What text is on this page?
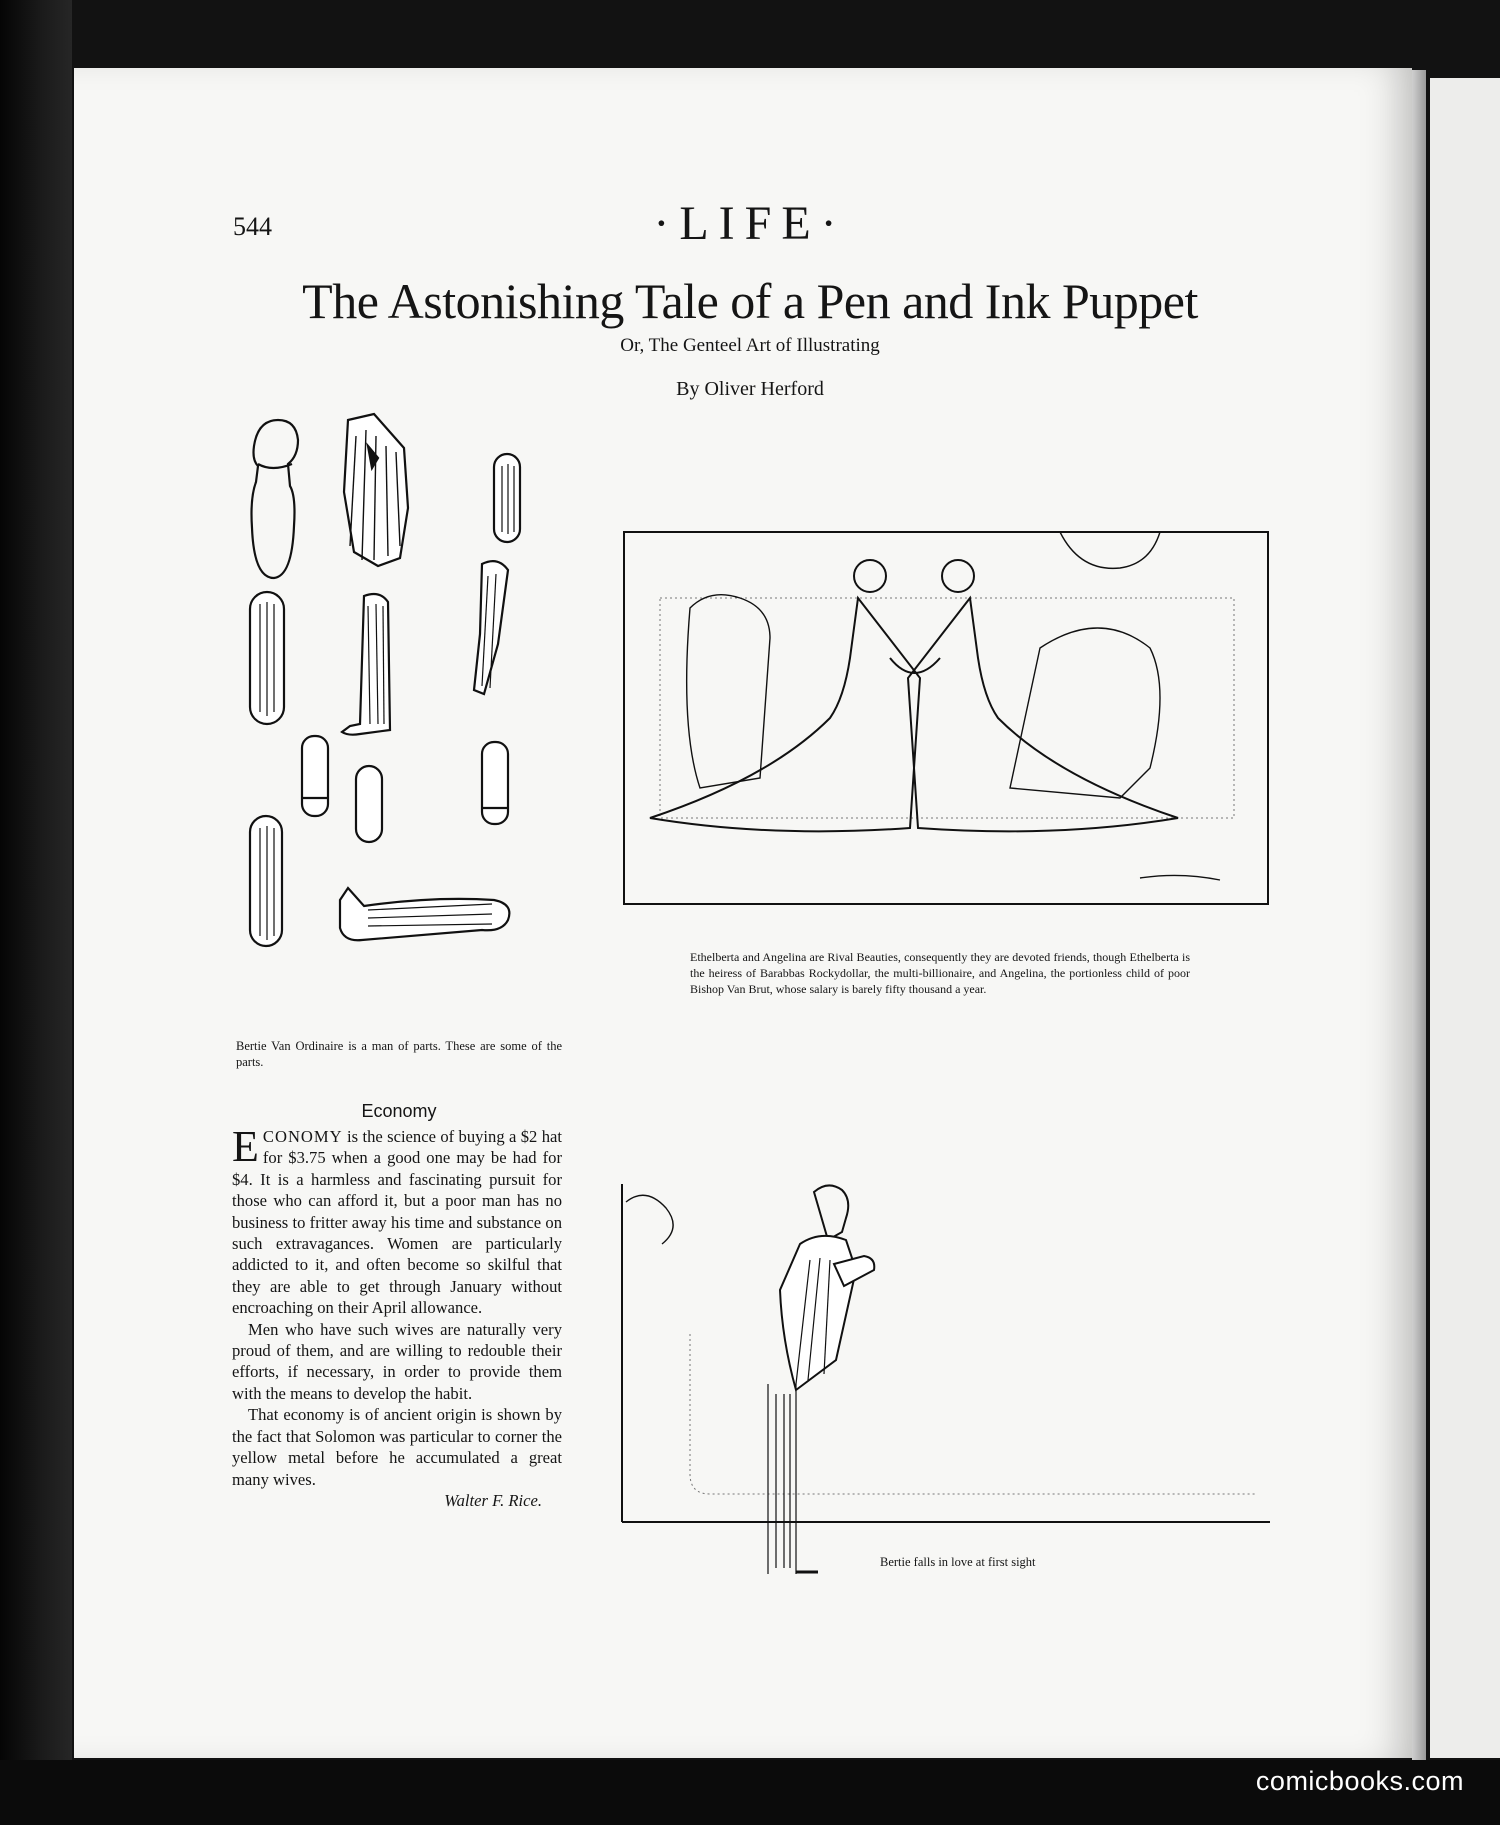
544	·LIFE·
The Astonishing Tale of a Pen and Ink Puppet
Or, The Genteel Art of Illustrating
By Oliver Herford
Bertie Van Ordinaire is a man of parts. These are some of the parts.
Ethelberta and Angelina are Rival Beauties, consequently they are devoted friends, though Ethelberta is the heiress of Barabbas Rockydollar, the multi-billionaire, and Angelina, the portionless child of poor Bishop Van Brut, whose salary is barely fifty thousand a year.
Bertie falls in love at first sight
Economy

ECONOMY is the science of buying a $2 hat for $3.75 when a good one may be had for $4. It is a harmless and fascinating pursuit for those who can afford it, but a poor man has no business to fritter away his time and substance on such extravagances. Women are particularly addicted to it, and often become so skilful that they are able to get through January without encroaching on their April allowance.

Men who have such wives are naturally very proud of them, and are willing to redouble their efforts, if necessary, in order to provide them with the means to develop the habit.

That economy is of ancient origin is shown by the fact that Solomon was particular to corner the yellow metal before he accumulated a great many wives.

Walter F. Rice.

comicbooks.com
